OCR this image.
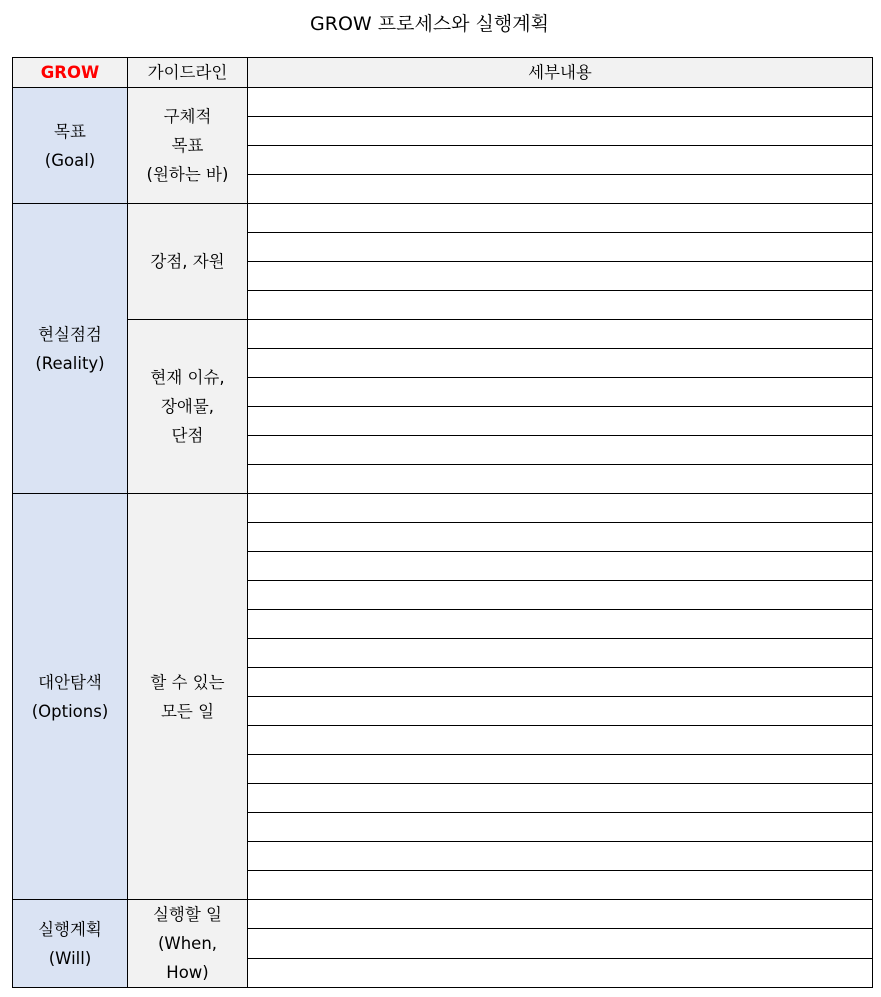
GROW 프로세스와 실행계획
GROW	가이드라인	세부내용

목표
(Goal)	구체적
목표
(원하는 바)	

현실점검
(Reality)	강점, 자원	

	현재 이슈,
장애물,
단점	

대안탐색
(Options)	할 수 있는
모든 일	

실행계획
(Will)	실행할 일
(When,
How)	
